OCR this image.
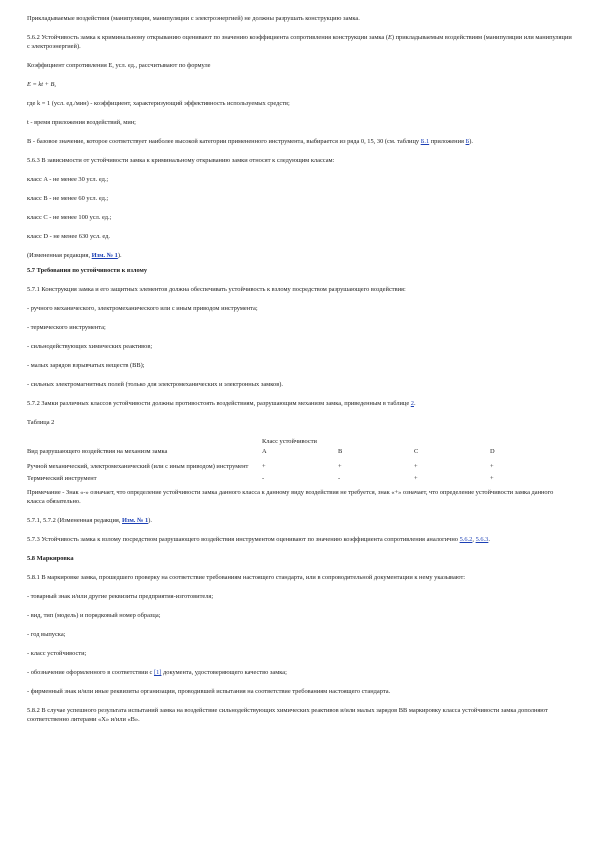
Прикладываемые воздействия (манипуляции, манипуляции с электроэнергией) не должны разрушать конструкцию замка.

5.6.2 Устойчивость замка к криминальному открыванию оценивают по значению коэффициента сопротивления конструкции замка (E) прикладываемым воздействиям (манипуляции или манипуляции с электроэнергией).

Коэффициент сопротивления E, усл. ед., рассчитывают по формуле

E = kt + B,

где k = 1 (усл. ед./мин) - коэффициент, характеризующий эффективность используемых средств;

t - время приложения воздействий, мин;

B - базовое значение, которое соответствует наиболее высокой категории примененного инструмента, выбирается из ряда 0, 15, 30 (см. таблицу Б.1 приложения Б).

5.6.3 В зависимости от устойчивости замка к криминальному открыванию замки относят к следующим классам:

класс A - не менее 30 усл. ед.;

класс B - не менее 60 усл. ед.;

класс C - не менее 100 усл. ед.;

класс D - не менее 630 усл. ед.

(Измененная редакция, Изм. № 1).

5.7 Требования по устойчивости к взлому

5.7.1 Конструкция замка и его защитных элементов должна обеспечивать устойчивость к взлому посредством разрушающего воздействия:

- ручного механического, электромеханического или с иным приводом инструмента;

- термического инструмента;

- сильнодействующих химических реактивов;

- малых зарядов взрывчатых веществ (ВВ);

- сильных электромагнитных полей (только для электромеханических и электронных замков).

5.7.2 Замки различных классов устойчивости должны противостоять воздействиям, разрушающим механизм замка, приведенным в таблице 2.

Таблица 2

	Класс устойчивости			
Вид разрушающего воздействия на механизм замка	A	B	C	D
Ручной механический, электромеханический (или с иным приводом) инструмент	+	+	+	+
Термический инструмент	-	-	+	+

Примечание - Знак «-» означает, что определение устойчивости замка данного класса к данному виду воздействия не требуется, знак «+» означает, что определение устойчивости замка данного класса обязательно.

5.7.1, 5.7.2 (Измененная редакция, Изм. № 1).

5.7.3 Устойчивость замка к взлому посредством разрушающего воздействия инструментом оценивают по значению коэффициента сопротивления аналогично 5.6.2, 5.6.3.

5.8 Маркировка

5.8.1 В маркировке замка, прошедшего проверку на соответствие требованиям настоящего стандарта, или в сопроводительной документации к нему указывают:

- товарный знак и/или другие реквизиты предприятия-изготовителя;

- вид, тип (модель) и порядковый номер образца;

- год выпуска;

- класс устойчивости;

- обозначение оформленного в соответствии с [1] документа, удостоверяющего качество замка;

- фирменный знак и/или иные реквизиты организации, проводившей испытания на соответствие требованиям настоящего стандарта.

5.8.2 В случае успешного результата испытаний замка на воздействие сильнодействующих химических реактивов и/или малых зарядов ВВ маркировку класса устойчивости замка дополняют соответственно литерами «Х» и/или «В».
